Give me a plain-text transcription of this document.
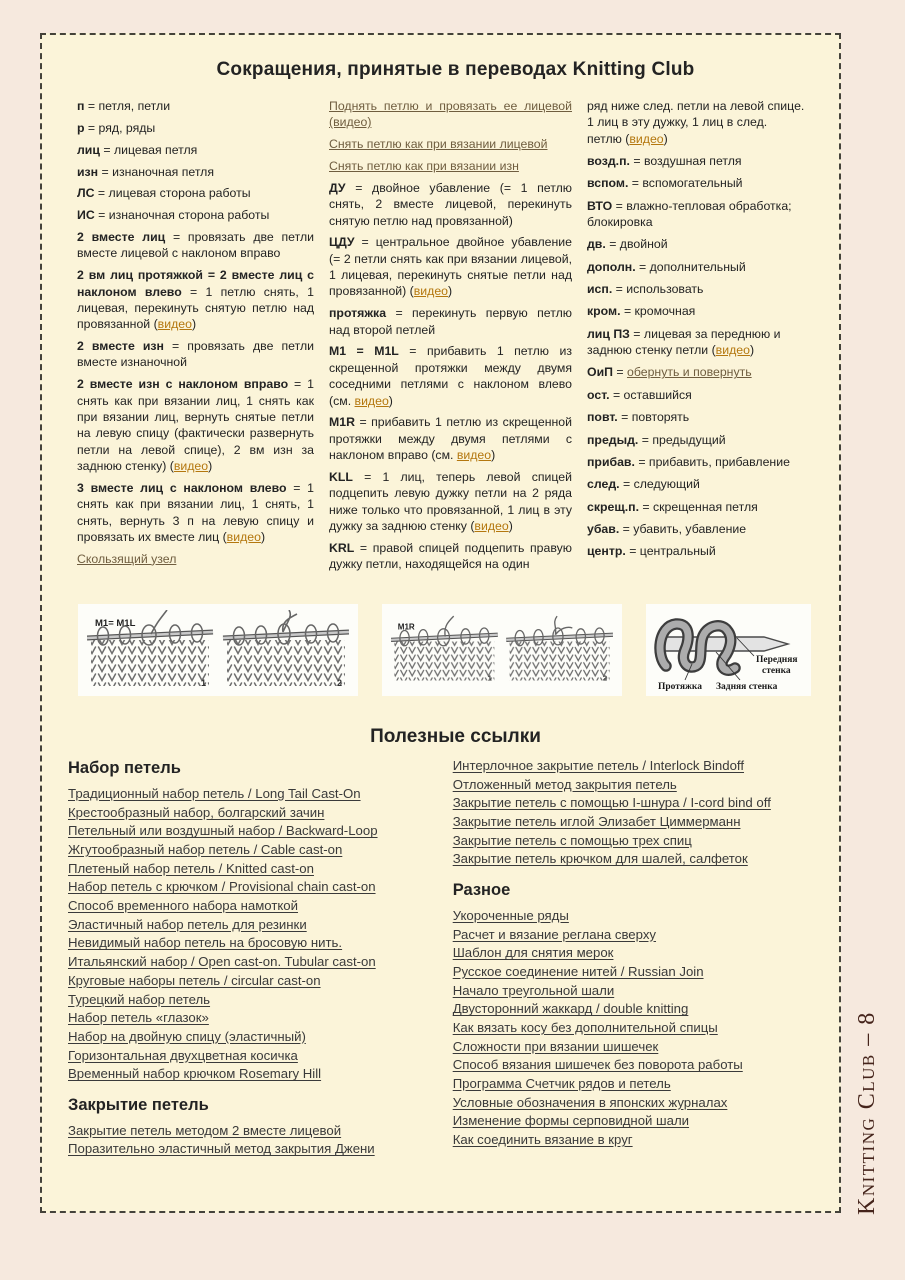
Сокращения, принятые в переводах Knitting Club

п = петля, петли

р = ряд, ряды

лиц = лицевая петля

изн = изнаночная петля

ЛС = лицевая сторона работы

ИС = изнаночная сторона работы

2 вместе лиц = провязать две петли вместе лицевой с наклоном вправо

2 вм лиц протяжкой = 2 вместе лиц с наклоном влево = 1 петлю снять, 1 лицевая, перекинуть снятую петлю над провязанной (видео)

2 вместе изн = провязать две петли вместе изнаночной

2 вместе изн с наклоном вправо = 1 снять как при вязании лиц, 1 снять как при вязании лиц, вернуть снятые петли на левую спицу (фактически развернуть петли на левой спице), 2 вм изн за заднюю стенку) (видео)

3 вместе лиц с наклоном влево = 1 снять как при вязании лиц, 1 снять, 1 снять, вернуть 3 п на левую спицу и провязать их вместе лиц (видео)

Скользящий узел

Поднять петлю и провязать ее лицевой (видео)

Снять петлю как при вязании лицевой

Снять петлю как при вязании изн

ДУ = двойное убавление (= 1 петлю снять, 2 вместе лицевой, перекинуть снятую петлю над провязанной)

ЦДУ = центральное двойное убавление (= 2 петли снять как при вязании лицевой, 1 лицевая, перекинуть снятые петли над провязанной) (видео)

протяжка = перекинуть первую петлю над второй петлей

M1 = M1L = прибавить 1 петлю из скрещенной протяжки между двумя соседними петлями с наклоном влево (см. видео)

M1R = прибавить 1 петлю из скрещенной протяжки между двумя петлями с наклоном вправо (см. видео)

KLL = 1 лиц, теперь левой спицей подцепить левую дужку петли на 2 ряда ниже только что провязанной, 1 лиц в эту дужку за заднюю стенку (видео)

KRL = правой спицей подцепить правую дужку петли, находящейся на один

ряд ниже след. петли на левой спице. 1 лиц в эту дужку, 1 лиц в след. петлю (видео)

возд.п. = воздушная петля

вспом. = вспомогательный

ВТО = влажно-тепловая обработка; блокировка

дв. = двойной

дополн. = дополнительный

исп. = использовать

кром. = кромочная

лиц ПЗ = лицевая за переднюю и заднюю стенку петли (видео)

ОиП = обернуть и повернуть

ост. = оставшийся

повт. = повторять

предыд. = предыдущий

прибав. = прибавить, прибавление

след. = следующий

скрещ.п. = скрещенная петля

убав. = убавить, убавление

центр. = центральный

M1= M1L
1	2
M1R
1	2
Передняя
стенка
Протяжка Задняя стенка
Полезные ссылки
Набор петель
Традиционный набор петель / Long Tail Cast-On
Крестообразный набор, болгарский зачин
Петельный или воздушный набор / Backward-Loop
Жгутообразный набор петель / Cable cast-on
Плетеный набор петель / Knitted cast-on
Набор петель с крючком / Provisional chain cast-on
Способ временного набора намоткой
Эластичный набор петель для резинки
Невидимый набор петель на бросовую нить.
Итальянский набор / Open cast-on. Tubular cast-on
Круговые наборы петель / circular cast-on
Турецкий набор петель
Набор петель «глазок»
Набор на двойную спицу (эластичный)
Горизонтальная двухцветная косичка
Временный набор крючком Rosemary Hill
Закрытие петель
Закрытие петель методом 2 вместе лицевой
Поразительно эластичный метод закрытия Джени
Интерлочное закрытие петель / Interlock Bindoff
Отложенный метод закрытия петель
Закрытие петель с помощью I-шнура / I-cord bind off
Закрытие петель иглой Элизабет Циммерманн
Закрытие петель с помощью трех спиц
Закрытие петель крючком для шалей, салфеток
Разное
Укороченные ряды
Расчет и вязание реглана сверху
Шаблон для снятия мерок
Русское соединение нитей / Russian Join
Начало треугольной шали
Двусторонний жаккард / double knitting
Как вязать косу без дополнительной спицы
Сложности при вязании шишечек
Способ вязания шишечек без поворота работы
Программа Счетчик рядов и петель
Условные обозначения в японских журналах
Изменение формы серповидной шали
Как соединить вязание в круг	Knitting Club – 8
